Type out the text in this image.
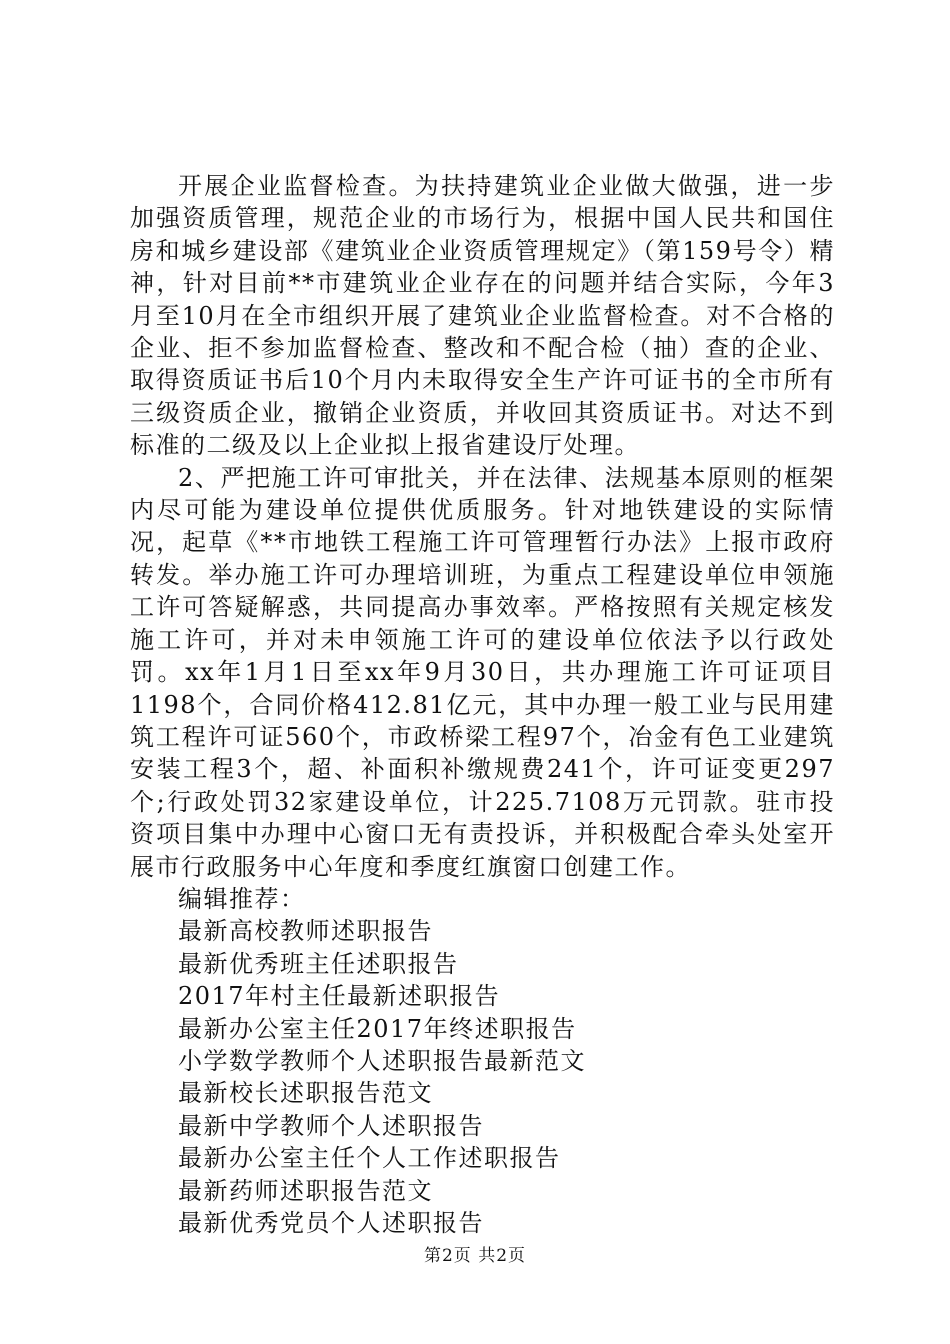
开展企业监督检查。为扶持建筑业企业做大做强，进一步加强资质管理，规范企业的市场行为，根据中国人民共和国住房和城乡建设部《建筑业企业资质管理规定》（第159号令）精神，针对目前**市建筑业企业存在的问题并结合实际，今年3月至10月在全市组织开展了建筑业企业监督检查。对不合格的企业、拒不参加监督检查、整改和不配合检（抽）查的企业、取得资质证书后10个月内未取得安全生产许可证书的全市所有三级资质企业，撤销企业资质，并收回其资质证书。对达不到标准的二级及以上企业拟上报省建设厅处理。

2、严把施工许可审批关，并在法律、法规基本原则的框架内尽可能为建设单位提供优质服务。针对地铁建设的实际情况，起草《**市地铁工程施工许可管理暂行办法》上报市政府转发。举办施工许可办理培训班，为重点工程建设单位申领施工许可答疑解惑，共同提高办事效率。严格按照有关规定核发施工许可，并对未申领施工许可的建设单位依法予以行政处罚。xx年1月1日至xx年9月30日，共办理施工许可证项目1198个，合同价格412.81亿元，其中办理一般工业与民用建筑工程许可证560个，市政桥梁工程97个，冶金有色工业建筑安装工程3个，超、补面积补缴规费241个，许可证变更297个;行政处罚32家建设单位，计225.7108万元罚款。驻市投资项目集中办理中心窗口无有责投诉，并积极配合牵头处室开展市行政服务中心年度和季度红旗窗口创建工作。

编辑推荐：
最新高校教师述职报告
最新优秀班主任述职报告
2017年村主任最新述职报告
最新办公室主任2017年终述职报告
小学数学教师个人述职报告最新范文
最新校长述职报告范文
最新中学教师个人述职报告
最新办公室主任个人工作述职报告
最新药师述职报告范文
最新优秀党员个人述职报告
第2页 共2页
